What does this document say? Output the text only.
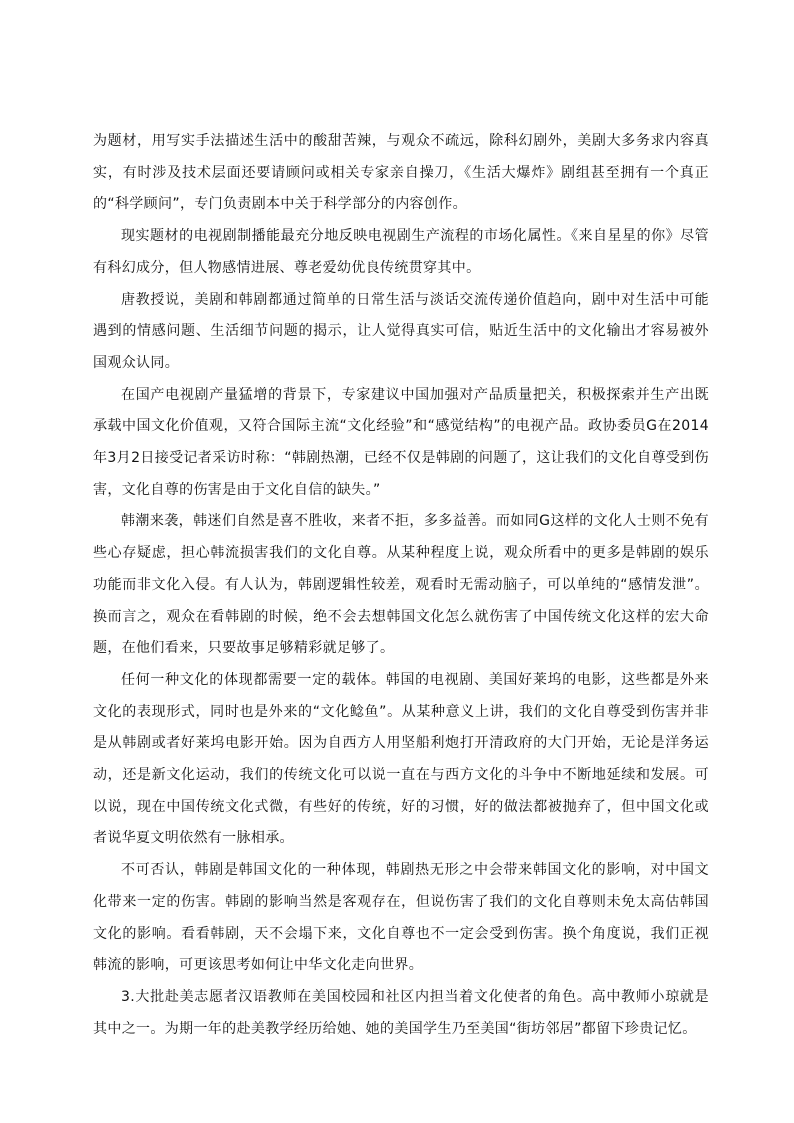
为题材，用写实手法描述生活中的酸甜苦辣，与观众不疏远，除科幻剧外，美剧大多务求内容真实，有时涉及技术层面还要请顾问或相关专家亲自操刀，《生活大爆炸》剧组甚至拥有一个真正的“科学顾问”，专门负责剧本中关于科学部分的内容创作。

现实题材的电视剧制播能最充分地反映电视剧生产流程的市场化属性。《来自星星的你》尽管有科幻成分，但人物感情进展、尊老爱幼优良传统贯穿其中。

唐教授说，美剧和韩剧都通过简单的日常生活与淡话交流传递价值趋向，剧中对生活中可能遇到的情感问题、生活细节问题的揭示，让人觉得真实可信，贴近生活中的文化输出才容易被外国观众认同。

在国产电视剧产量猛增的背景下，专家建议中国加强对产品质量把关，积极探索并生产出既承载中国文化价值观，又符合国际主流“文化经验”和“感觉结构”的电视产品。政协委员G在2014年3月2日接受记者采访时称：“韩剧热潮，已经不仅是韩剧的问题了，这让我们的文化自尊受到伤害，文化自尊的伤害是由于文化自信的缺失。”

韩潮来袭，韩迷们自然是喜不胜收，来者不拒，多多益善。而如同G这样的文化人士则不免有些心存疑虑，担心韩流损害我们的文化自尊。从某种程度上说，观众所看中的更多是韩剧的娱乐功能而非文化入侵。有人认为，韩剧逻辑性较差，观看时无需动脑子，可以单纯的“感情发泄”。换而言之，观众在看韩剧的时候，绝不会去想韩国文化怎么就伤害了中国传统文化这样的宏大命题，在他们看来，只要故事足够精彩就足够了。

任何一种文化的体现都需要一定的载体。韩国的电视剧、美国好莱坞的电影，这些都是外来文化的表现形式，同时也是外来的“文化鲶鱼”。从某种意义上讲，我们的文化自尊受到伤害并非是从韩剧或者好莱坞电影开始。因为自西方人用坚船利炮打开清政府的大门开始，无论是洋务运动，还是新文化运动，我们的传统文化可以说一直在与西方文化的斗争中不断地延续和发展。可以说，现在中国传统文化式微，有些好的传统，好的习惯，好的做法都被抛弃了，但中国文化或者说华夏文明依然有一脉相承。

不可否认，韩剧是韩国文化的一种体现，韩剧热无形之中会带来韩国文化的影响，对中国文化带来一定的伤害。韩剧的影响当然是客观存在，但说伤害了我们的文化自尊则未免太高估韩国文化的影响。看看韩剧，天不会塌下来，文化自尊也不一定会受到伤害。换个角度说，我们正视韩流的影响，可更该思考如何让中华文化走向世界。

3.大批赴美志愿者汉语教师在美国校园和社区内担当着文化使者的角色。高中教师小琼就是其中之一。为期一年的赴美教学经历给她、她的美国学生乃至美国“街坊邻居”都留下珍贵记忆。
